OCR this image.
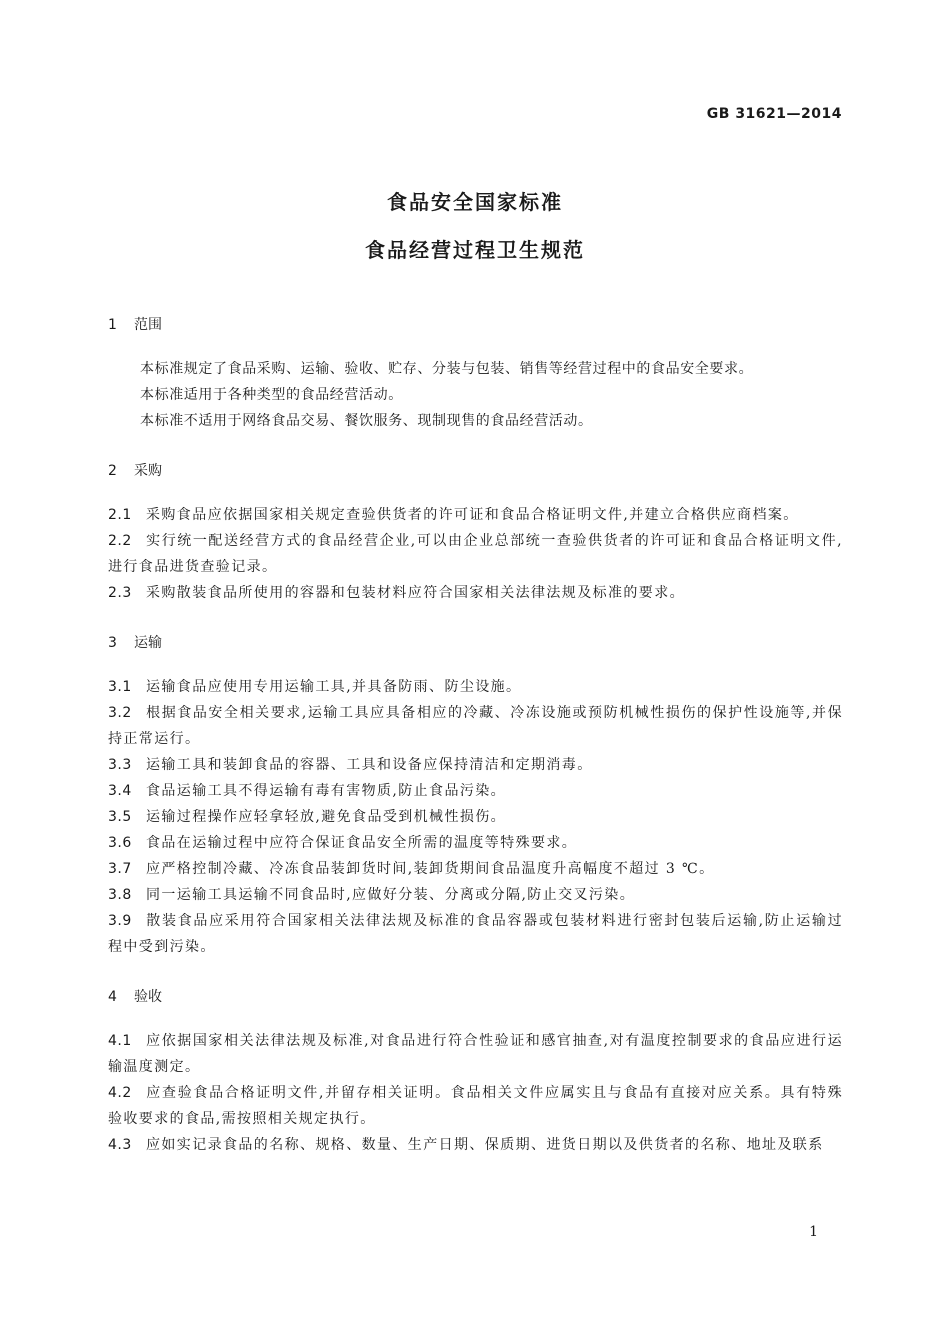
GB 31621—2014
食品安全国家标准
食品经营过程卫生规范
1 范围
本标准规定了食品采购、运输、验收、贮存、分装与包装、销售等经营过程中的食品安全要求。
本标准适用于各种类型的食品经营活动。
本标准不适用于网络食品交易、餐饮服务、现制现售的食品经营活动。
2 采购
2.1 采购食品应依据国家相关规定查验供货者的许可证和食品合格证明文件,并建立合格供应商档案。
2.2 实行统一配送经营方式的食品经营企业,可以由企业总部统一查验供货者的许可证和食品合格证明文件,进行食品进货查验记录。
2.3 采购散装食品所使用的容器和包装材料应符合国家相关法律法规及标准的要求。
3 运输
3.1 运输食品应使用专用运输工具,并具备防雨、防尘设施。
3.2 根据食品安全相关要求,运输工具应具备相应的冷藏、冷冻设施或预防机械性损伤的保护性设施等,并保持正常运行。
3.3 运输工具和装卸食品的容器、工具和设备应保持清洁和定期消毒。
3.4 食品运输工具不得运输有毒有害物质,防止食品污染。
3.5 运输过程操作应轻拿轻放,避免食品受到机械性损伤。
3.6 食品在运输过程中应符合保证食品安全所需的温度等特殊要求。
3.7 应严格控制冷藏、冷冻食品装卸货时间,装卸货期间食品温度升高幅度不超过 3 ℃。
3.8 同一运输工具运输不同食品时,应做好分装、分离或分隔,防止交叉污染。
3.9 散装食品应采用符合国家相关法律法规及标准的食品容器或包装材料进行密封包装后运输,防止运输过程中受到污染。
4 验收
4.1 应依据国家相关法律法规及标准,对食品进行符合性验证和感官抽查,对有温度控制要求的食品应进行运输温度测定。
4.2 应查验食品合格证明文件,并留存相关证明。食品相关文件应属实且与食品有直接对应关系。具有特殊验收要求的食品,需按照相关规定执行。
4.3 应如实记录食品的名称、规格、数量、生产日期、保质期、进货日期以及供货者的名称、地址及联系
1
